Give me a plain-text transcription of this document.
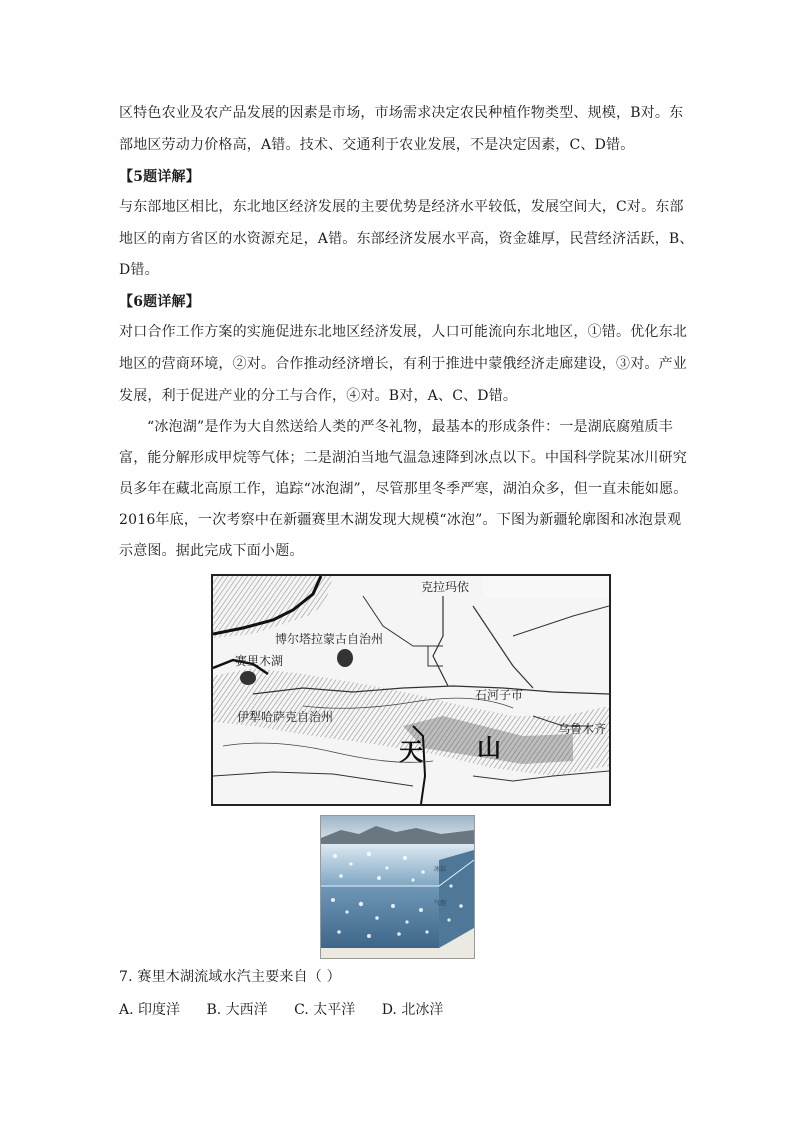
区特色农业及农产品发展的因素是市场，市场需求决定农民种植作物类型、规模，B对。东
部地区劳动力价格高，A错。技术、交通利于农业发展，不是决定因素，C、D错。
【5题详解】
与东部地区相比，东北地区经济发展的主要优势是经济水平较低，发展空间大，C对。东部
地区的南方省区的水资源充足，A错。东部经济发展水平高，资金雄厚，民营经济活跃，B、
D错。
【6题详解】
对口合作工作方案的实施促进东北地区经济发展，人口可能流向东北地区，①错。优化东北
地区的营商环境，②对。合作推动经济增长，有利于推进中蒙俄经济走廊建设，③对。产业
发展，利于促进产业的分工与合作，④对。B对，A、C、D错。
“冰泡湖”是作为大自然送给人类的严冬礼物，最基本的形成条件：一是湖底腐殖质丰
富，能分解形成甲烷等气体；二是湖泊当地气温急速降到冰点以下。中国科学院某冰川研究
员多年在藏北高原工作，追踪“冰泡湖”，尽管那里冬季严寒，湖泊众多，但一直未能如愿。
2016年底，一次考察中在新疆赛里木湖发现大规模“冰泡”。下图为新疆轮廓图和冰泡景观
示意图。据此完成下面小题。
克拉玛依
博尔塔拉蒙古自治州
赛里木湖
石河子市
伊犁哈萨克自治州
乌鲁木齐
天 山
冰层
气泡
7. 赛里木湖流域水汽主要来自（ ）
A. 印度洋 B. 大西洋 C. 太平洋 D. 北冰洋
